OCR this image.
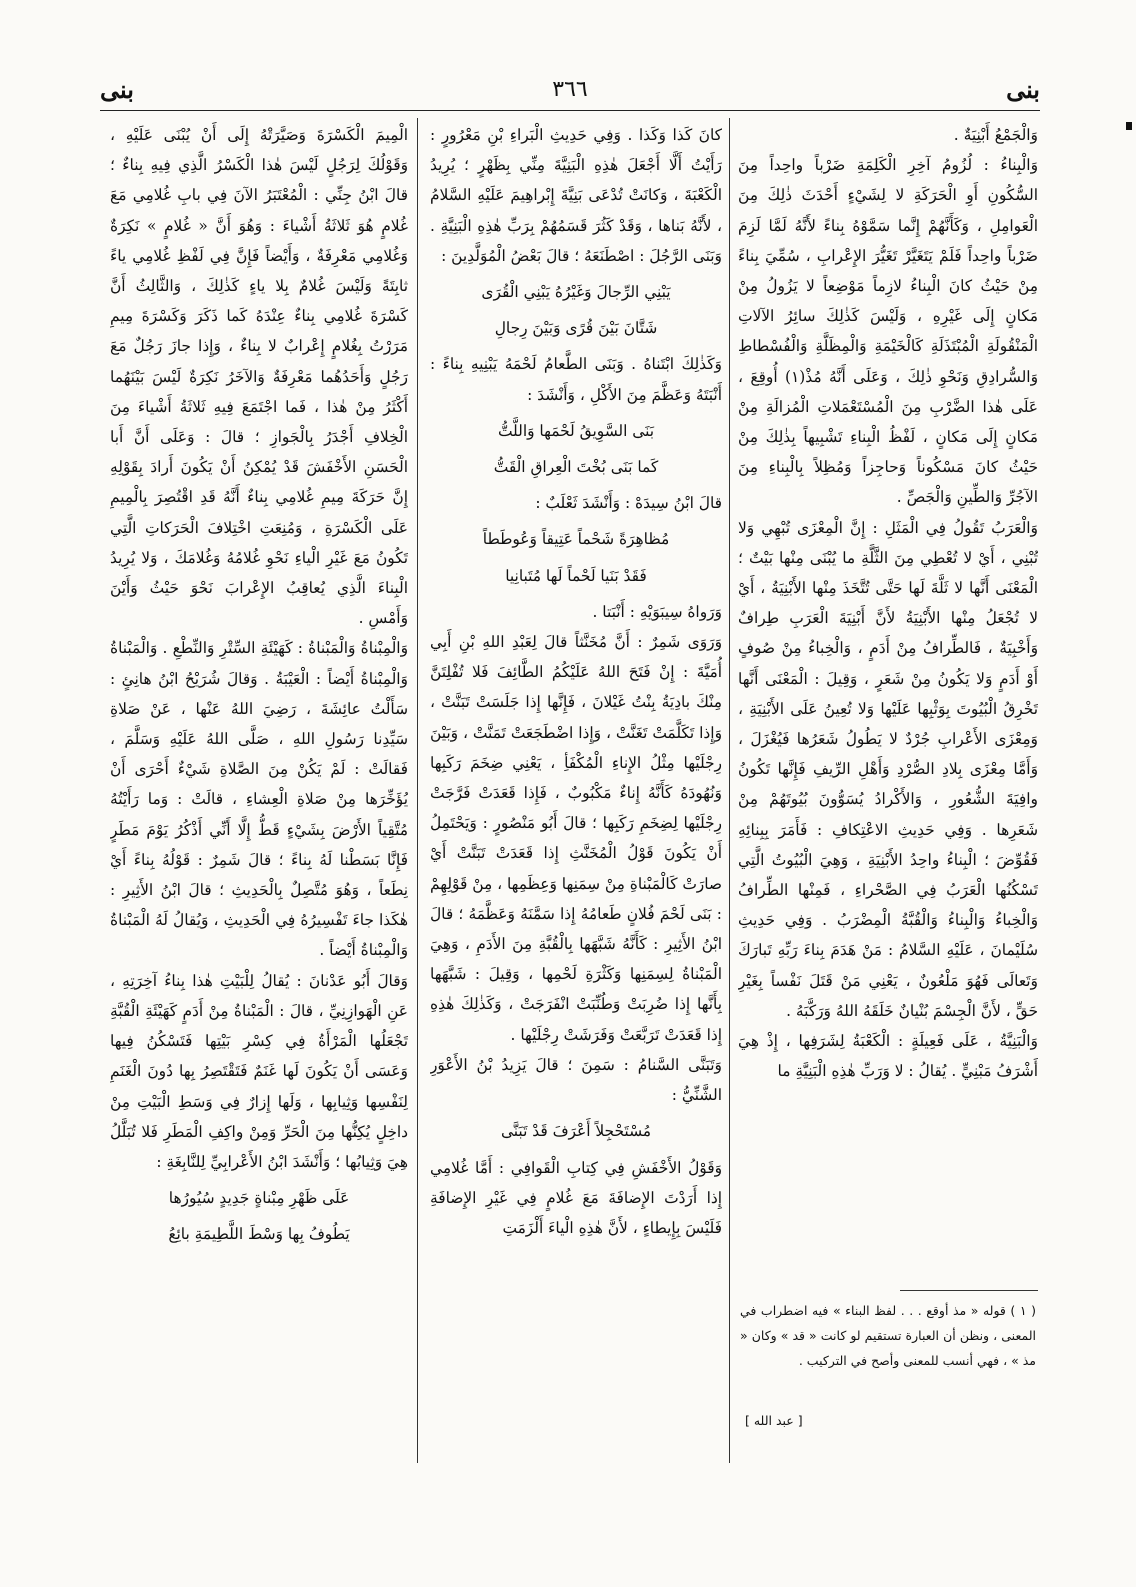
بنى
٣٦٦
بنى

وَالْجَمْعُ أَبْنِيَةٌ .

وَالْبِناءُ : لُزُومُ آخِرِ الْكَلِمَةِ ضَرْباً واحِداً مِنَ السُّكُونِ أَوِ الْحَرَكَةِ لا لِشَيْءٍ أَحْدَثَ ذٰلِكَ مِنَ الْعَوامِلِ ، وَكَأَنَّهُمْ إِنَّما سَمَّوْهُ بِناءً لأَنَّهُ لَمَّا لَزِمَ ضَرْباً واحِداً فَلَمْ يَتَغَيَّرْ تَغَيُّرَ الإِعْرابِ ، سُمِّيَ بِناءً مِنْ حَيْثُ كانَ الْبِناءُ لازِماً مَوْضِعاً لا يَزُولُ مِنْ مَكانٍ إِلَى غَيْرِهِ ، وَلَيْسَ كَذٰلِكَ سائِرُ الآلاتِ الْمَنْقُولَةِ الْمُبْتَذَلَةِ كَالْخَيْمَةِ وَالْمِظَلَّةِ وَالْفُسْطاطِ وَالسُّرادِقِ وَنَحْوِ ذٰلِكَ ، وَعَلَى أَنَّهُ مُذْ(١) أُوقِعَ ، عَلَى هٰذا الضَّرْبِ مِنَ الْمُسْتَعْمَلاتِ الْمُزالَةِ مِنْ مَكانٍ إِلَى مَكانٍ ، لَفْظُ الْبِناءِ تَشْبِيهاً بِذٰلِكَ مِنْ حَيْثُ كانَ مَسْكُوناً وَحاجِزاً وَمُظِلاً بِالْبِناءِ مِنَ الآجُرِّ وَالطِّينِ وَالْجَصِّ .

وَالْعَرَبُ تَقُولُ فِي الْمَثَلِ : إِنَّ الْمِعْزَى تُبْهِي وَلا تُبْنِي ، أَيْ لا تُعْطِي مِنَ الثَّلَّةِ ما يُبْنَى مِنْها بَيْتٌ ؛ الْمَعْنَى أَنَّها لا ثَلَّةَ لَها حَتَّى تُتَّخَذَ مِنْها الأَبْنِيَةُ ، أَيْ لا تُجْعَلُ مِنْها الأَبْنِيَةُ لأَنَّ أَبْنِيَةَ الْعَرَبِ طِرافٌ وَأَخْبِيَةٌ ، فَالطِّرافُ مِنْ أَدَمٍ ، وَالْخِباءُ مِنْ صُوفٍ أَوْ أَدَمٍ وَلا يَكُونُ مِنْ شَعَرٍ ، وَقِيلَ : الْمَعْنَى أَنَّها تَخْرِقُ الْبُيُوتَ بِوَثْبِها عَلَيْها وَلا تُعِينُ عَلَى الأَبْنِيَةِ ، وَمِعْزَى الأَعْرابِ جُرْدٌ لا يَطُولُ شَعَرُها فَيُغْزَلَ ، وَأَمَّا مِعْزَى بِلادِ الصُّرْدِ وَأَهْلِ الرِّيفِ فَإِنَّها تَكُونُ وافِيَةَ الشُّعُورِ ، وَالأَكْرادُ يُسَوُّونَ بُيُوتَهُمْ مِنْ شَعَرِها . وَفِي حَدِيثِ الاعْتِكافِ : فَأَمَرَ بِبِنائِهِ فَقُوِّضَ ؛ الْبِناءُ واحِدُ الأَبْنِيَةِ ، وَهِيَ الْبُيُوتُ الَّتِي تَسْكُنُها الْعَرَبُ فِي الصَّحْراءِ ، فَمِنْها الطِّرافُ وَالْخِباءُ وَالْبِناءُ وَالْقُبَّةُ الْمِضْرَبُ . وَفِي حَدِيثِ سُلَيْمانَ ، عَلَيْهِ السَّلامُ : مَنْ هَدَمَ بِناءَ رَبِّهِ تَبارَكَ وَتَعالَى فَهُوَ مَلْعُونٌ ، يَعْنِي مَنْ قَتَلَ نَفْساً بِغَيْرِ حَقٍّ ، لأَنَّ الْجِسْمَ بُنْيانٌ خَلَقَهُ اللهُ وَرَكَّبَهُ .

وَالْبَنِيَّةُ ، عَلَى فَعِيلَةٍ : الْكَعْبَةُ لِشَرَفِها ، إِذْ هِيَ أَشْرَفُ مَبْنِيٍّ . يُقالُ : لا وَرَبِّ هٰذِهِ الْبَنِيَّةِ ما

( ١ ) قوله « مذ أوقع . . . لفظ البناء » فيه اضطراب في المعنى ، ونظن أن العبارة تستقيم لو كانت « قد » وكان « مذ » ، فهي أنسب للمعنى وأصح في التركيب .
[ عبد الله ]

كانَ كَذا وَكَذا . وَفِي حَدِيثِ الْبَراءِ بْنِ مَعْرُورٍ : رَأَيْتُ أَلَّا أَجْعَلَ هٰذِهِ الْبَنِيَّةَ مِنِّي بِظَهْرٍ ؛ يُرِيدُ الْكَعْبَةَ ، وَكانَتْ تُدْعَى بَنِيَّةَ إِبْراهِيمَ عَلَيْهِ السَّلامُ ، لأَنَّهُ بَناها ، وَقَدْ كَثُرَ قَسَمُهُمْ بِرَبِّ هٰذِهِ الْبَنِيَّةِ . وَبَنَى الرَّجُلَ : اصْطَنَعَهُ ؛ قالَ بَعْضُ الْمُوَلَّدِينَ :

يَبْنِي الرِّجالَ وَغَيْرُهُ يَبْنِي الْقُرَى

شَتَّانَ بَيْنَ قُرًى وَبَيْنَ رِجالِ

وَكَذٰلِكَ ابْتَناهُ . وَبَنَى الطَّعامُ لَحْمَهُ يَبْنِيهِ بِناءً : أَنْبَتَهُ وَعَظَّمَ مِنَ الأَكْلِ ، وَأَنْشَدَ :

بَنَى السَّوِيقُ لَحْمَها وَاللَّتُّ

كَما بَنَى بُخْتَ الْعِراقِ الْقَتُّ

قالَ ابْنُ سِيدَهْ : وَأَنْشَدَ ثَعْلَبٌ :

مُظاهِرَةً شَحْماً عَتِيقاً وَعُوطَطاً

فَقَدْ بَنَيا لَحْماً لَها مُتَبانِيا

وَرَواهُ سِيبَوَيْهِ : أَنْبَتا .

وَرَوَى شَمِرٌ : أَنَّ مُخَنَّثاً قالَ لِعَبْدِ اللهِ بْنِ أَبِي أُمَيَّةَ : إِنْ فَتَحَ اللهُ عَلَيْكُمُ الطَّائِفَ فَلا تُفْلِتَنَّ مِنْكَ بادِيَةُ بِنْتُ غَيْلانَ ، فَإِنَّها إِذا جَلَسَتْ تَبَنَّتْ ، وَإِذا تَكَلَّمَتْ تَغَنَّتْ ، وَإِذا اضْطَجَعَتْ تَمَنَّتْ ، وَبَيْنَ رِجْلَيْها مِثْلُ الإِناءِ الْمُكْفَأِ ، يَعْنِي ضِخَمَ رَكَبِها وَنُهُودَهُ كَأَنَّهُ إِناءٌ مَكْبُوبٌ ، فَإِذا قَعَدَتْ فَرَّجَتْ رِجْلَيْها لِضِخَمِ رَكَبِها ؛ قالَ أَبُو مَنْصُورٍ : وَيَحْتَمِلُ أَنْ يَكُونَ قَوْلُ الْمُخَنَّثِ إِذا قَعَدَتْ تَبَنَّتْ أَيْ صارَتْ كَالْمَبْناةِ مِنْ سِمَنِها وَعِظَمِها ، مِنْ قَوْلِهِمْ : بَنَى لَحْمَ فُلانٍ طَعامُهُ إِذا سَمَّنَهُ وَعَظَّمَهُ ؛ قالَ ابْنُ الأَثِيرِ : كَأَنَّهُ شَبَّهَها بِالْقُبَّةِ مِنَ الأَدَمِ ، وَهِيَ الْمَبْناةُ لِسِمَنِها وَكَثْرَةِ لَحْمِها ، وَقِيلَ : شَبَّهَها بِأَنَّها إِذا ضُرِبَتْ وَطُنِّبَتْ انْفَرَجَتْ ، وَكَذٰلِكَ هٰذِهِ إِذا قَعَدَتْ تَرَبَّعَتْ وَفَرَشَتْ رِجْلَيْها .

وَتَبَنَّى السَّنامُ : سَمِنَ ؛ قالَ يَزِيدُ بْنُ الأَعْوَرِ الشَّنِّيُّ :

مُسْتَحْجِلاً أَعْرَفَ قَدْ تَبَنَّى

وَقَوْلُ الأَخْفَشِ فِي كِتابِ الْقَوافِي : أَمَّا غُلامِي إِذا أَرَدْتَ الإِضافَةَ مَعَ غُلامٍ فِي غَيْرِ الإِضافَةِ فَلَيْسَ بِإِيطاءٍ ، لأَنَّ هٰذِهِ الْياءَ أَلْزَمَتِ

الْمِيمَ الْكَسْرَةَ وَصَيَّرَتْهُ إِلَى أَنْ يُبْنَى عَلَيْهِ ، وَقَوْلُكَ لِرَجُلٍ لَيْسَ هٰذا الْكَسْرُ الَّذِي فِيهِ بِناءٌ ؛ قالَ ابْنُ جِنِّي : الْمُعْتَبَرُ الآنَ فِي بابِ غُلامِي مَعَ غُلامٍ هُوَ ثَلاثَةُ أَشْياءَ : وَهُوَ أَنَّ « غُلامٍ » نَكِرَةٌ وَغُلامِي مَعْرِفَةٌ ، وَأَيْضاً فَإِنَّ فِي لَفْظِ غُلامِي ياءً ثابِتَةً وَلَيْسَ غُلامٌ بِلا ياءٍ كَذٰلِكَ ، وَالثَّالِثُ أَنَّ كَسْرَةَ غُلامِي بِناءٌ عِنْدَهُ كَما ذَكَرَ وَكَسْرَةَ مِيمِ مَرَرْتُ بِغُلامٍ إِعْرابٌ لا بِناءٌ ، وَإِذا جازَ رَجُلٌ مَعَ رَجُلٍ وَأَحَدُهُما مَعْرِفَةٌ وَالآخَرُ نَكِرَةٌ لَيْسَ بَيْنَهُما أَكْثَرُ مِنْ هٰذا ، فَما اجْتَمَعَ فِيهِ ثَلاثَةُ أَشْياءَ مِنَ الْخِلافِ أَجْدَرُ بِالْجَوازِ ؛ قالَ : وَعَلَى أَنَّ أَبا الْحَسَنِ الأَخْفَشَ قَدْ يُمْكِنُ أَنْ يَكُونَ أَرادَ بِقَوْلِهِ إِنَّ حَرَكَةَ مِيمِ غُلامِي بِناءٌ أَنَّهُ قَدِ اقْتُصِرَ بِالْمِيمِ عَلَى الْكَسْرَةِ ، وَمُنِعَتِ اخْتِلافَ الْحَرَكاتِ الَّتِي تَكُونُ مَعَ غَيْرِ الْياءِ نَحْوِ غُلامُهُ وَغُلامَكَ ، وَلا يُرِيدُ الْبِناءَ الَّذِي يُعاقِبُ الإِعْرابَ نَحْوَ حَيْثُ وَأَيْنَ وَأَمْسِ .

وَالْمِبْناةُ وَالْمَبْناةُ : كَهَيْئَةِ السِّتْرِ وَالنِّطْعِ . وَالْمَبْناةُ وَالْمِبْناةُ أَيْضاً : الْعَيْبَةُ . وَقالَ شُرَيْحُ ابْنُ هانِئٍ : سَأَلْتُ عائِشَةَ ، رَضِيَ اللهُ عَنْها ، عَنْ صَلاةِ سَيِّدِنا رَسُولِ اللهِ ، صَلَّى اللهُ عَلَيْهِ وَسَلَّمَ ، فَقالَتْ : لَمْ يَكُنْ مِنَ الصَّلاةِ شَيْءٌ أَحْرَى أَنْ يُؤَخِّرَها مِنْ صَلاةِ الْعِشاءِ ، قالَتْ : وَما رَأَيْتُهُ مُتَّقِياً الأَرْضَ بِشَيْءٍ قَطُّ إِلَّا أَنِّي أَذْكُرُ يَوْمَ مَطَرٍ فَإِنَّا بَسَطْنا لَهُ بِناءً ؛ قالَ شَمِرٌ : قَوْلُهُ بِناءً أَيْ نِطَعاً ، وَهُوَ مُتَّصِلٌ بِالْحَدِيثِ ؛ قالَ ابْنُ الأَثِيرِ : هٰكَذا جاءَ تَفْسِيرُهُ فِي الْحَدِيثِ ، وَيُقالُ لَهُ الْمَبْناةُ وَالْمِبْناةُ أَيْضاً .

وَقالَ أَبُو عَدْنانَ : يُقالُ لِلْبَيْتِ هٰذا بِناءُ آخِرَتِهِ ، عَنِ الْهَوازِنِيِّ ، قالَ : الْمَبْناةُ مِنْ أَدَمٍ كَهَيْئَةِ الْقُبَّةِ تَجْعَلُها الْمَرْأَةُ فِي كِسْرِ بَيْتِها فَتَسْكُنُ فِيها وَعَسَى أَنْ يَكُونَ لَها غَنَمٌ فَتَقْتَصِرُ بِها دُونَ الْغَنَمِ لِنَفْسِها وَثِيابِها ، وَلَها إِزارٌ فِي وَسَطِ الْبَيْتِ مِنْ داخِلٍ يُكِنُّها مِنَ الْحَرِّ وَمِنْ واكِفِ الْمَطَرِ فَلا تُبَلَّلُ هِيَ وَثِيابُها ؛ وَأَنْشَدَ ابْنُ الأَعْرابِيِّ لِلنَّابِغَةِ :

عَلَى ظَهْرِ مِبْناةٍ جَدِيدٍ سُيُورُها

يَطُوفُ بِها وَسْطَ اللَّطِيمَةِ بائِعُ
